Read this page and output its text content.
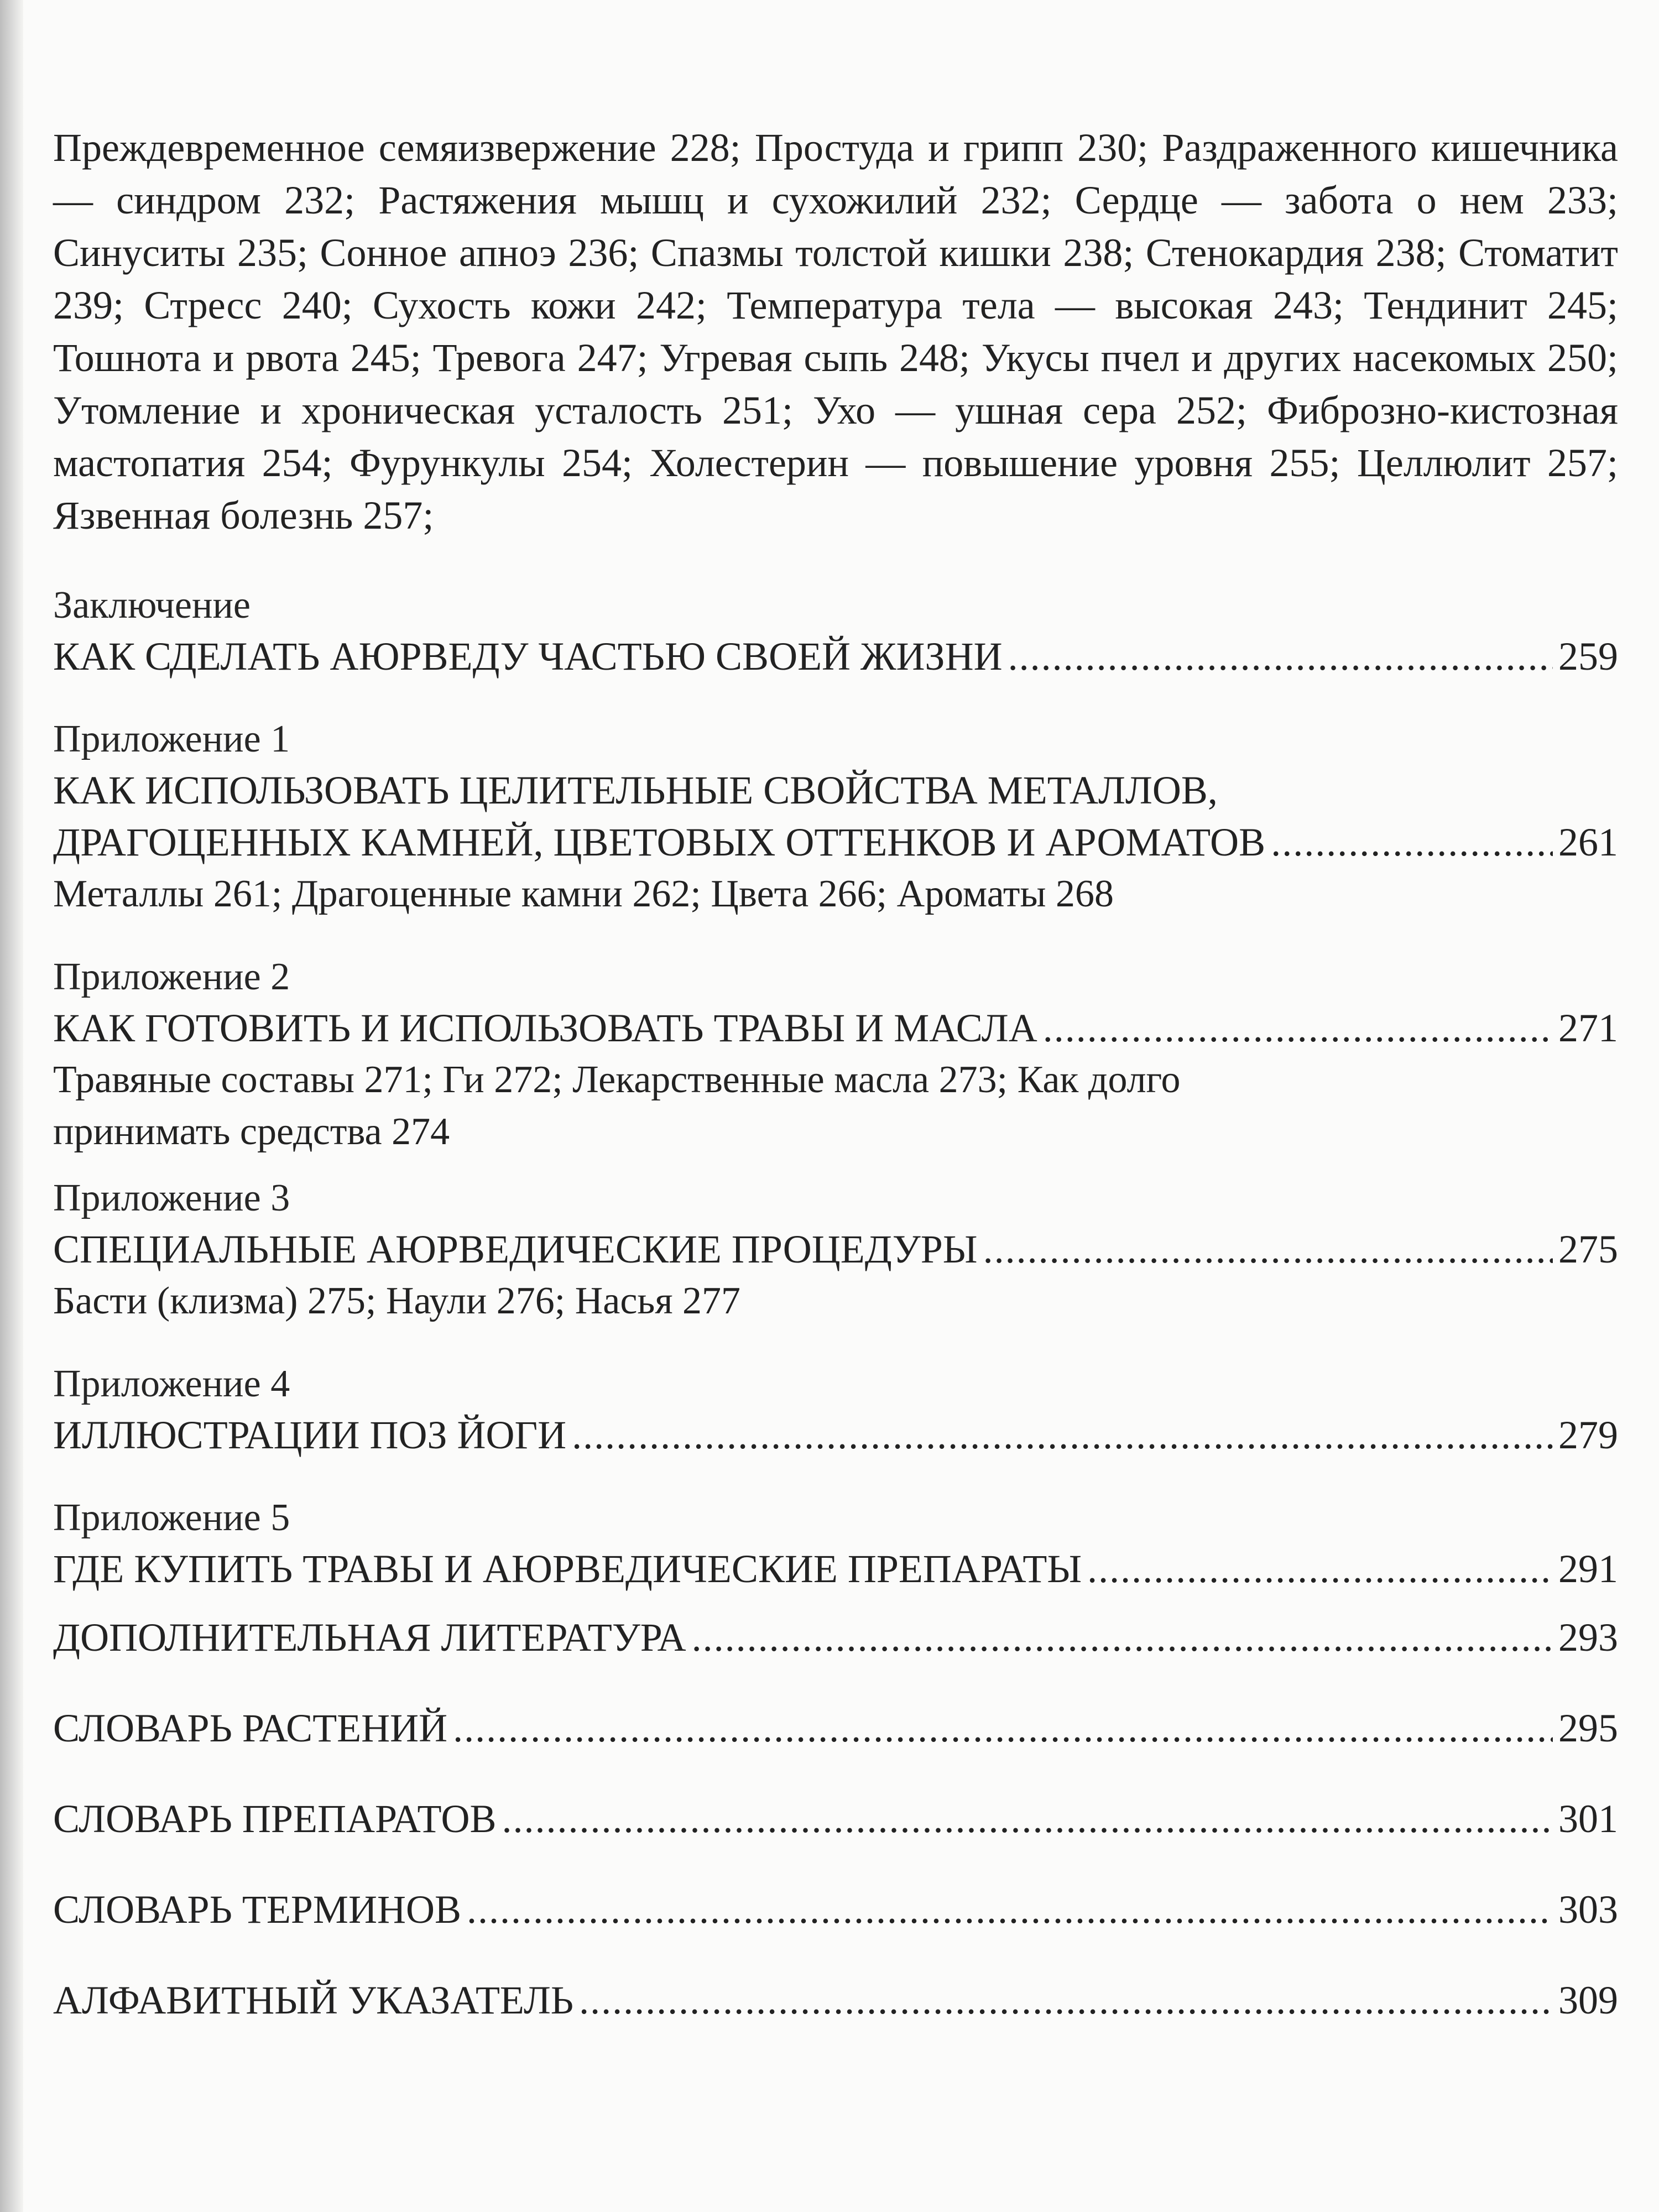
Преждевременное семяизвержение 228; Простуда и грипп 230; Раздраженного кишечника — синдром 232; Растяжения мышц и сухожилий 232; Сердце — забота о нем 233; Синуситы 235; Сонное апноэ 236; Спазмы толстой кишки 238; Стенокардия 238; Стоматит 239; Стресс 240; Сухость кожи 242; Температура тела — высокая 243; Тендинит 245; Тошнота и рвота 245; Тревога 247; Угревая сыпь 248; Укусы пчел и других насекомых 250; Утомление и хроническая усталость 251; Ухо — ушная сера 252; Фиброзно-кистозная мастопатия 254; Фурункулы 254; Холестерин — повышение уровня 255; Целлюлит 257; Язвенная болезнь 257;

Заключение
КАК СДЕЛАТЬ АЮРВЕДУ ЧАСТЬЮ СВОЕЙ ЖИЗНИ .....	259
Приложение 1
КАК ИСПОЛЬЗОВАТЬ ЦЕЛИТЕЛЬНЫЕ СВОЙСТВА МЕТАЛЛОВ,
ДРАГОЦЕННЫХ КАМНЕЙ, ЦВЕТОВЫХ ОТТЕНКОВ И АРОМАТОВ .....	261
Металлы 261; Драгоценные камни 262; Цвета 266; Ароматы 268
Приложение 2
КАК ГОТОВИТЬ И ИСПОЛЬЗОВАТЬ ТРАВЫ И МАСЛА .....	271
Травяные составы 271; Ги 272; Лекарственные масла 273; Как долго
принимать средства 274
Приложение 3
СПЕЦИАЛЬНЫЕ АЮРВЕДИЧЕСКИЕ ПРОЦЕДУРЫ .....	275
Басти (клизма) 275; Наули 276; Насья 277
Приложение 4
ИЛЛЮСТРАЦИИ ПОЗ ЙОГИ .....	279
Приложение 5
ГДЕ КУПИТЬ ТРАВЫ И АЮРВЕДИЧЕСКИЕ ПРЕПАРАТЫ .....	291
ДОПОЛНИТЕЛЬНАЯ ЛИТЕРАТУРА .....	293
СЛОВАРЬ РАСТЕНИЙ .....	295
СЛОВАРЬ ПРЕПАРАТОВ .....	301
СЛОВАРЬ ТЕРМИНОВ .....	303
АЛФАВИТНЫЙ УКАЗАТЕЛЬ .....	309
